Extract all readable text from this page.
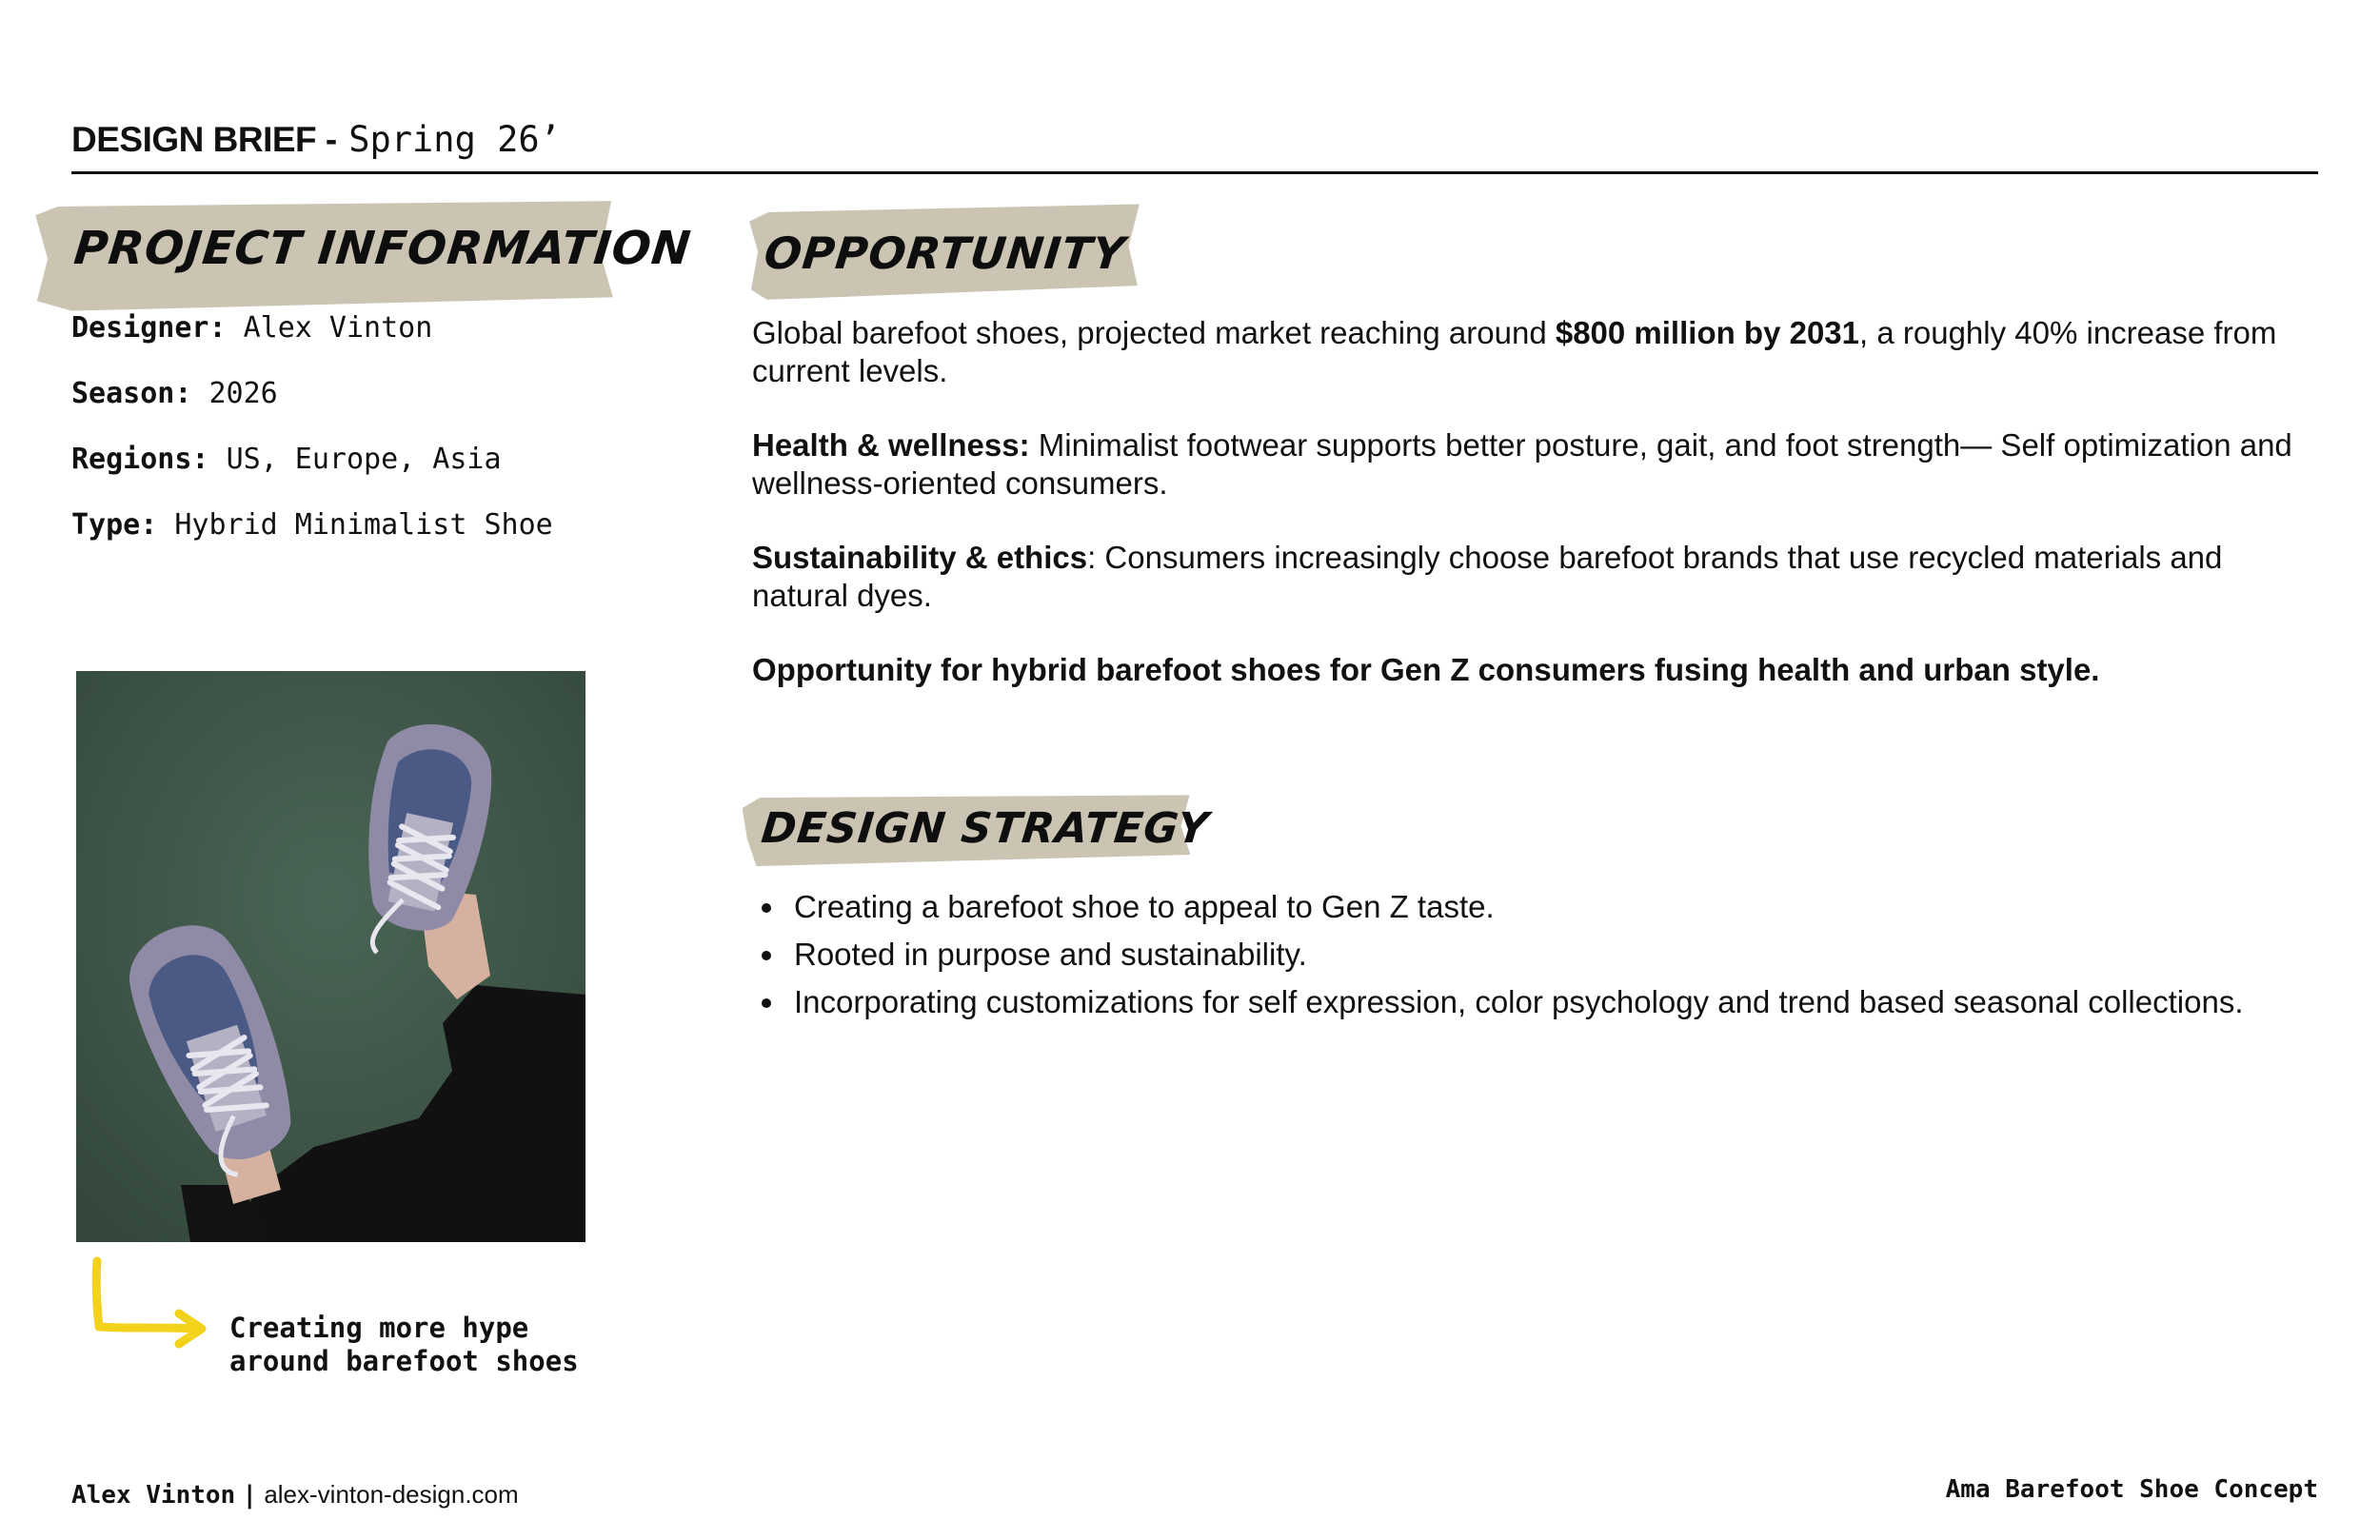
DESIGN BRIEF - Spring 26’
PROJECT INFORMATION
Designer: Alex Vinton
Season: 2026
Regions: US, Europe, Asia
Type: Hybrid Minimalist Shoe
Creating more hype
around barefoot shoes
OPPORTUNITY
Global barefoot shoes, projected market reaching around $800 million by 2031, a roughly 40% increase from current levels.
Health & wellness: Minimalist footwear supports better posture, gait, and foot strength— Self optimization and wellness-oriented consumers.
Sustainability & ethics: Consumers increasingly choose barefoot brands that use recycled materials and natural dyes.
Opportunity for hybrid barefoot shoes for Gen Z consumers fusing health and urban style.
DESIGN STRATEGY
Creating a barefoot shoe to appeal to Gen Z taste.
Rooted in purpose and sustainability.
Incorporating customizations for self expression, color psychology and trend based seasonal collections.
Alex Vinton | alex-vinton-design.com	Ama Barefoot Shoe Concept
